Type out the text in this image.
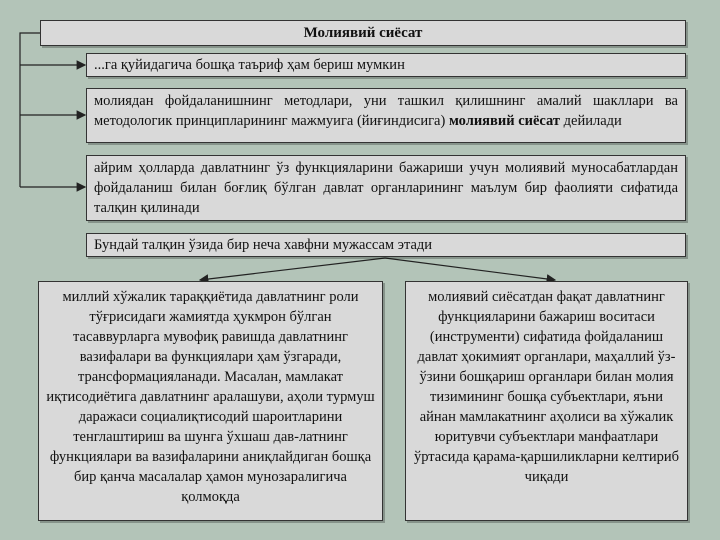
Молиявий сиёсат
...га қуйидагича бошқа таъриф ҳам бериш мумкин
молиядан фойдаланишнинг методлари, уни ташкил қилишнинг амалий шакллари ва методологик принципларининг мажмуига (йиғиндисига) молиявий сиёсат дейилади
айрим ҳолларда давлатнинг ўз функцияларини бажариши учун молиявий муносабатлардан фойдаланиш билан боғлиқ бўлган давлат органларининг маълум бир фаолияти сифатида талқин қилинади
Бундай талқин ўзида бир неча хавфни мужассам этади
миллий хўжалик тараққиётида давлатнинг роли тўғрисидаги жамиятда ҳукмрон бўлган тасаввурларга мувофиқ равишда давлатнинг вазифалари ва функциялари ҳам ўзгаради, трансформацияланади. Масалан, мамлакат иқтисодиётига давлатнинг аралашуви, аҳоли турмуш даражаси социалиқтисодий шароитларини тенглаштириш ва шунга ўхшаш дав-латнинг функциялари ва вазифаларини аниқлайдиган бошқа бир қанча масалалар ҳамон мунозаралигича қолмоқда
молиявий сиёсатдан фақат давлатнинг функцияларини бажариш воситаси (инструменти) сифатида фойдаланиш давлат ҳокимият органлари, маҳаллий ўз-ўзини бошқариш органлари билан молия тизимининг бошқа субъектлари, яъни айнан мамлакатнинг аҳолиси ва хўжалик юритувчи субъектлари манфаатлари ўртасида қарама-қаршиликларни келтириб чиқади
